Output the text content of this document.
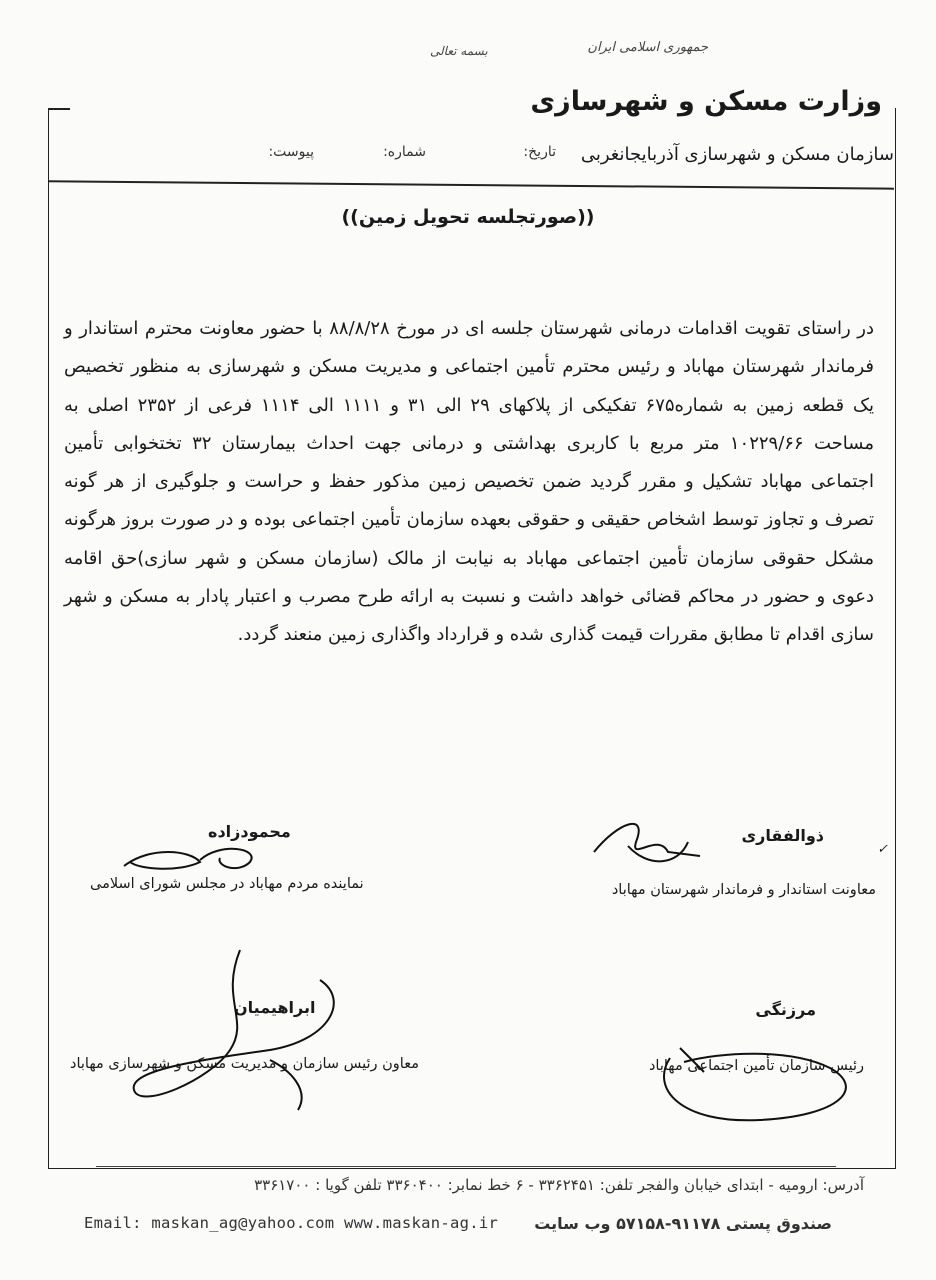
جمهوری اسلامی ایران
بسمه تعالی
وزارت مسکن و شهرسازی
سازمان مسکن و شهرسازی آذربایجانغربی
تاریخ:
شماره:
پیوست:
((صورتجلسه تحویل زمین))
در راستای تقویت اقدامات درمانی شهرستان جلسه ای در مورخ ۸۸/۸/۲۸ با حضور معاونت محترم استاندار و فرماندار شهرستان مهاباد و رئیس محترم تأمین اجتماعی و مدیریت مسکن و شهرسازی به منظور تخصیص یک قطعه زمین به شماره۶۷۵ تفکیکی از پلاکهای ۲۹ الی ۳۱ و ۱۱۱۱ الی ۱۱۱۴ فرعی از ۲۳۵۲ اصلی به مساحت ۱۰۲۲۹/۶۶ متر مربع با کاربری بهداشتی و درمانی جهت احداث بیمارستان ۳۲ تختخوابی تأمین اجتماعی مهاباد تشکیل و مقرر گردید ضمن تخصیص زمین مذکور حفظ و حراست و جلوگیری از هر گونه تصرف و تجاوز توسط اشخاص حقیقی و حقوقی بعهده سازمان تأمین اجتماعی بوده و در صورت بروز هرگونه مشکل حقوقی سازمان تأمین اجتماعی مهاباد به نیابت از مالک (سازمان مسکن و شهر سازی)حق اقامه دعوی و حضور در محاکم قضائی خواهد داشت و نسبت به ارائه طرح مصرب و اعتبار پادار به مسکن و شهر سازی اقدام تا مطابق مقررات قیمت گذاری شده و قرارداد واگذاری زمین منعند گردد.
ذوالفقاری
معاونت استاندار و فرماندار شهرستان مهاباد
✓
محمودزاده
نماینده مردم مهاباد در مجلس شورای اسلامی
مرزنگی
رئیس سازمان تأمین اجتماعی مهاباد
ابراهیمیان
معاون رئیس سازمان و مدیریت مسکن و شهرسازی مهاباد
آدرس: ارومیه - ابتدای خیابان والفجر تلفن: ۳۳۶۲۴۵۱ - ۶ خط نمابر: ۳۳۶۰۴۰۰ تلفن گویا : ۳۳۶۱۷۰۰
Email: maskan_ag@yahoo.com www.maskan-ag.ir صندوق پستی ۹۱۱۷۸-۵۷۱۵۸ وب سایت
